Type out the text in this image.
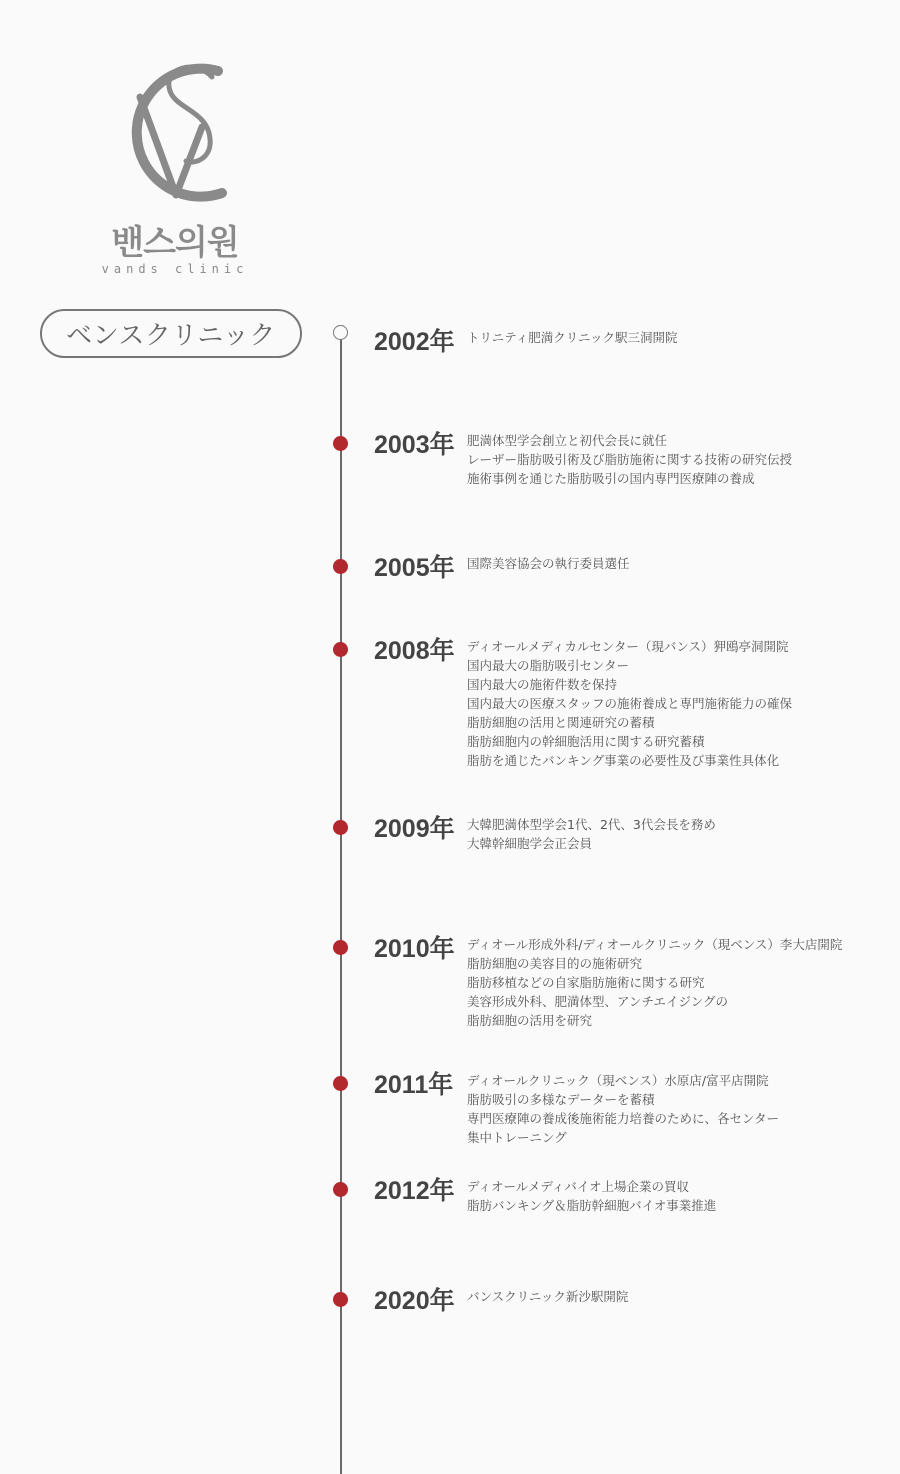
밴스의원
vands clinic
ベンスクリニック	2002年 トリニティ肥満クリニック駅三洞開院
2003年 肥満体型学会創立と初代会長に就任
レーザー脂肪吸引術及び脂肪施術に関する技術の研究伝授
施術事例を通じた脂肪吸引の国内専門医療陣の養成
2005年 国際美容協会の執行委員選任
2008年 ディオールメディカルセンター（現バンス）狎鴎亭洞開院
国内最大の脂肪吸引センター
国内最大の施術件数を保持
国内最大の医療スタッフの施術養成と専門施術能力の確保
脂肪細胞の活用と関連研究の蓄積
脂肪細胞内の幹細胞活用に関する研究蓄積
脂肪を通じたバンキング事業の必要性及び事業性具体化
2009年 大韓肥満体型学会1代、2代、3代会長を務め
大韓幹細胞学会正会員
2010年 ディオール形成外科/ディオールクリニック（現ベンス）李大店開院
脂肪細胞の美容目的の施術研究
脂肪移植などの自家脂肪施術に関する研究
美容形成外科、肥満体型、アンチエイジングの
脂肪細胞の活用を研究
2011年 ディオールクリニック（現ベンス）水原店/富平店開院
脂肪吸引の多様なデーターを蓄積
専門医療陣の養成後施術能力培養のために、各センター
集中トレーニング
2012年 ディオールメディバイオ上場企業の買収
脂肪バンキング＆脂肪幹細胞バイオ事業推進
2020年 バンスクリニック新沙駅開院
